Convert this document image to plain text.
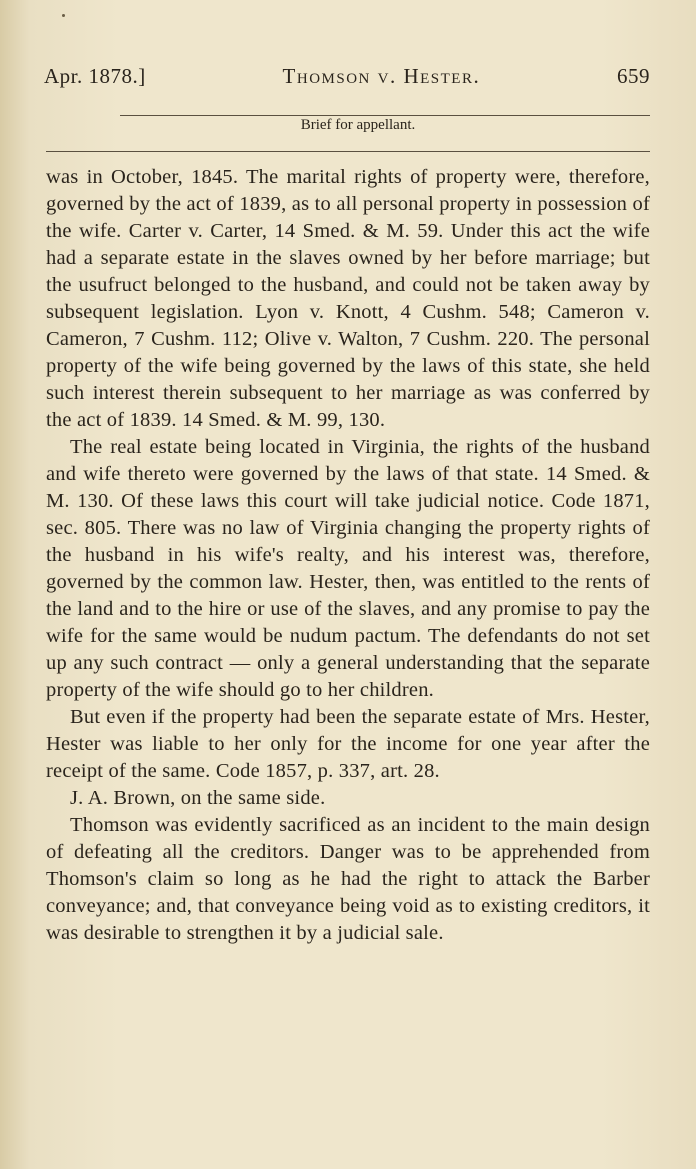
Apr. 1878.]	Thomson v. Hester.	659
Brief for appellant.

was in October, 1845. The marital rights of property were, therefore, governed by the act of 1839, as to all personal property in possession of the wife. Carter v. Carter, 14 Smed. & M. 59. Under this act the wife had a separate estate in the slaves owned by her before marriage; but the usufruct belonged to the husband, and could not be taken away by subsequent legislation. Lyon v. Knott, 4 Cushm. 548; Cameron v. Cameron, 7 Cushm. 112; Olive v. Walton, 7 Cushm. 220. The personal property of the wife being governed by the laws of this state, she held such interest therein subsequent to her marriage as was conferred by the act of 1839. 14 Smed. & M. 99, 130.

The real estate being located in Virginia, the rights of the husband and wife thereto were governed by the laws of that state. 14 Smed. & M. 130. Of these laws this court will take judicial notice. Code 1871, sec. 805. There was no law of Virginia changing the property rights of the husband in his wife's realty, and his interest was, therefore, governed by the common law. Hester, then, was entitled to the rents of the land and to the hire or use of the slaves, and any promise to pay the wife for the same would be nudum pactum. The defendants do not set up any such contract — only a general understanding that the separate property of the wife should go to her children.

But even if the property had been the separate estate of Mrs. Hester, Hester was liable to her only for the income for one year after the receipt of the same. Code 1857, p. 337, art. 28.

J. A. Brown, on the same side.

Thomson was evidently sacrificed as an incident to the main design of defeating all the creditors. Danger was to be apprehended from Thomson's claim so long as he had the right to attack the Barber conveyance; and, that conveyance being void as to existing creditors, it was desirable to strengthen it by a judicial sale.
